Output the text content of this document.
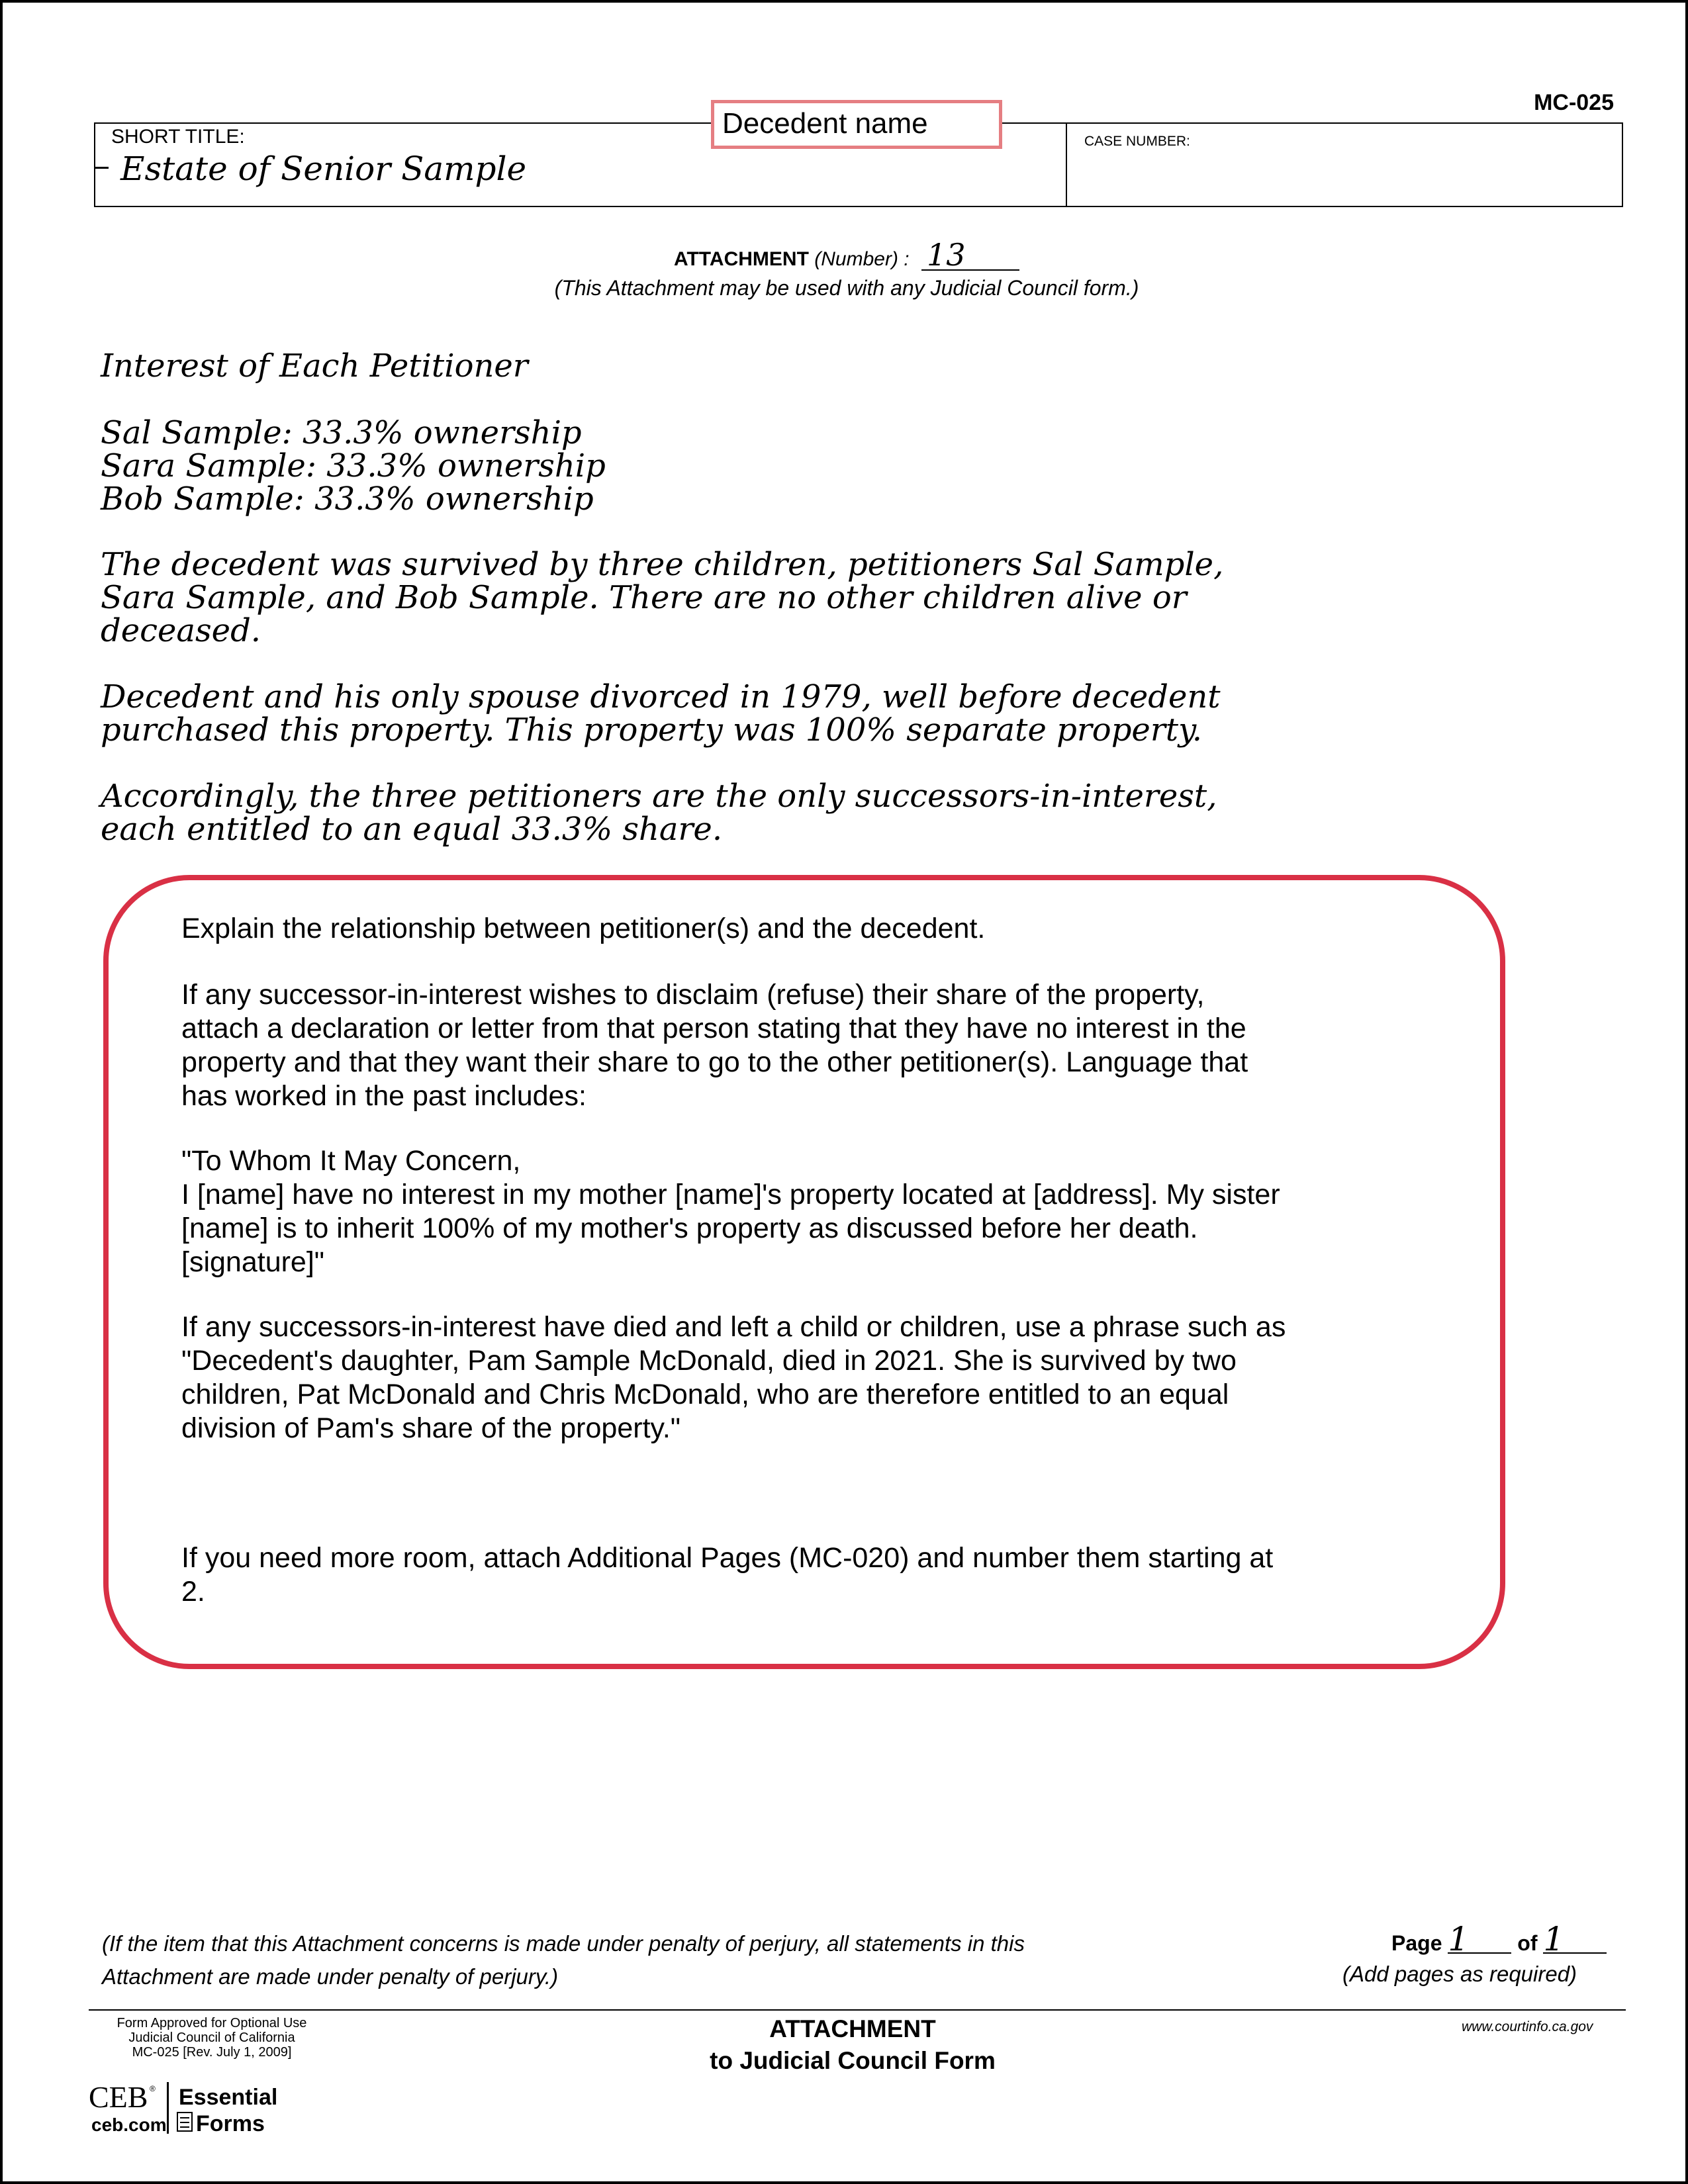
MC-025
SHORT TITLE:
Estate of Senior Sample
CASE NUMBER:
Decedent name
ATTACHMENT (Number) : 13
(This Attachment may be used with any Judicial Council form.)
Interest of Each Petitioner
Sal Sample: 33.3% ownership
Sara Sample: 33.3% ownership
Bob Sample: 33.3% ownership
The decedent was survived by three children, petitioners Sal Sample,
Sara Sample, and Bob Sample. There are no other children alive or
deceased.
Decedent and his only spouse divorced in 1979, well before decedent
purchased this property. This property was 100% separate property.
Accordingly, the three petitioners are the only successors-in-interest,
each entitled to an equal 33.3% share.
Explain the relationship between petitioner(s) and the decedent.
If any successor-in-interest wishes to disclaim (refuse) their share of the property,
attach a declaration or letter from that person stating that they have no interest in the
property and that they want their share to go to the other petitioner(s). Language that
has worked in the past includes:
"To Whom It May Concern,
I [name] have no interest in my mother [name]'s property located at [address]. My sister
[name] is to inherit 100% of my mother's property as discussed before her death.
[signature]"
If any successors-in-interest have died and left a child or children, use a phrase such as
"Decedent's daughter, Pam Sample McDonald, died in 2021. She is survived by two
children, Pat McDonald and Chris McDonald, who are therefore entitled to an equal
division of Pam's share of the property."
If you need more room, attach Additional Pages (MC-020) and number them starting at
2.
(If the item that this Attachment concerns is made under penalty of perjury, all statements in this
Attachment are made under penalty of perjury.)
Page 1 of 1
(Add pages as required)
Form Approved for Optional Use
Judicial Council of California
MC-025 [Rev. July 1, 2009]
ATTACHMENT
to Judicial Council Form
www.courtinfo.ca.gov
CEB ®
ceb.com
Essential
Forms
